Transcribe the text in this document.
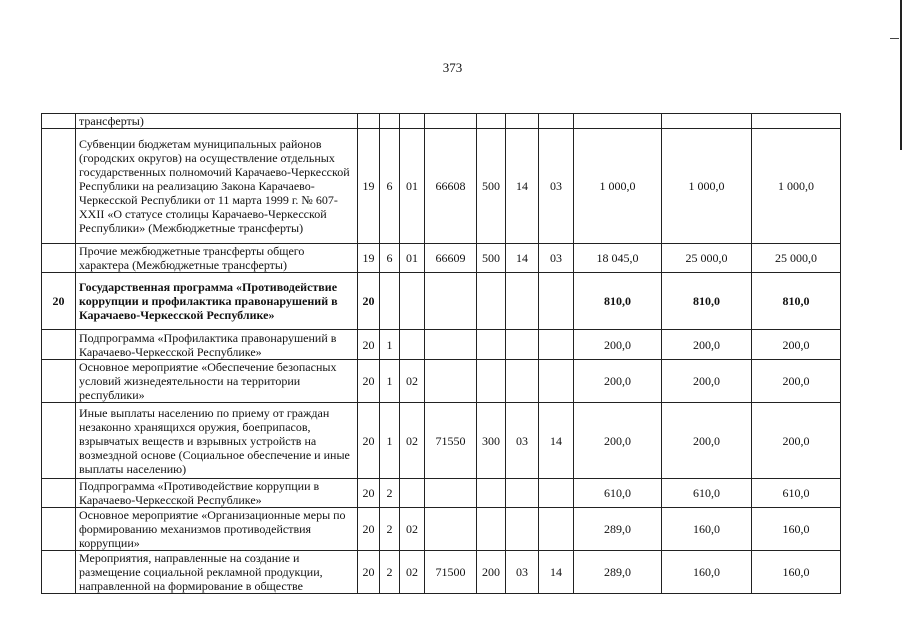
373
	трансферты)										
	Субвенции бюджетам муниципальных районов (городских округов) на осуществление отдельных государственных полномочий Карачаево-Черкесской Республики на реализацию Закона Карачаево-Черкесской Республики от 11 марта 1999 г. № 607-XXII «О статусе столицы Карачаево-Черкесской Республики» (Межбюджетные трансферты)	19	6	01	66608	500	14	03	1 000,0	1 000,0	1 000,0
	Прочие межбюджетные трансферты общего характера (Межбюджетные трансферты)	19	6	01	66609	500	14	03	18 045,0	25 000,0	25 000,0
20	Государственная программа «Противодействие коррупции и профилактика правонарушений в Карачаево-Черкесской Республике»	20							810,0	810,0	810,0
	Подпрограмма «Профилактика правонарушений в Карачаево-Черкесской Республике»	20	1						200,0	200,0	200,0
	Основное мероприятие «Обеспечение безопасных условий жизнедеятельности на территории республики»	20	1	02					200,0	200,0	200,0
	Иные выплаты населению по приему от граждан незаконно хранящихся оружия, боеприпасов, взрывчатых веществ и взрывных устройств на возмездной основе (Социальное обеспечение и иные выплаты населению)	20	1	02	71550	300	03	14	200,0	200,0	200,0
	Подпрограмма «Противодействие коррупции в Карачаево-Черкесской Республике»	20	2						610,0	610,0	610,0
	Основное мероприятие «Организационные меры по формированию механизмов противодействия коррупции»	20	2	02					289,0	160,0	160,0
	Мероприятия, направленные на создание и размещение социальной рекламной продукции, направленной на формирование в обществе	20	2	02	71500	200	03	14	289,0	160,0	160,0
